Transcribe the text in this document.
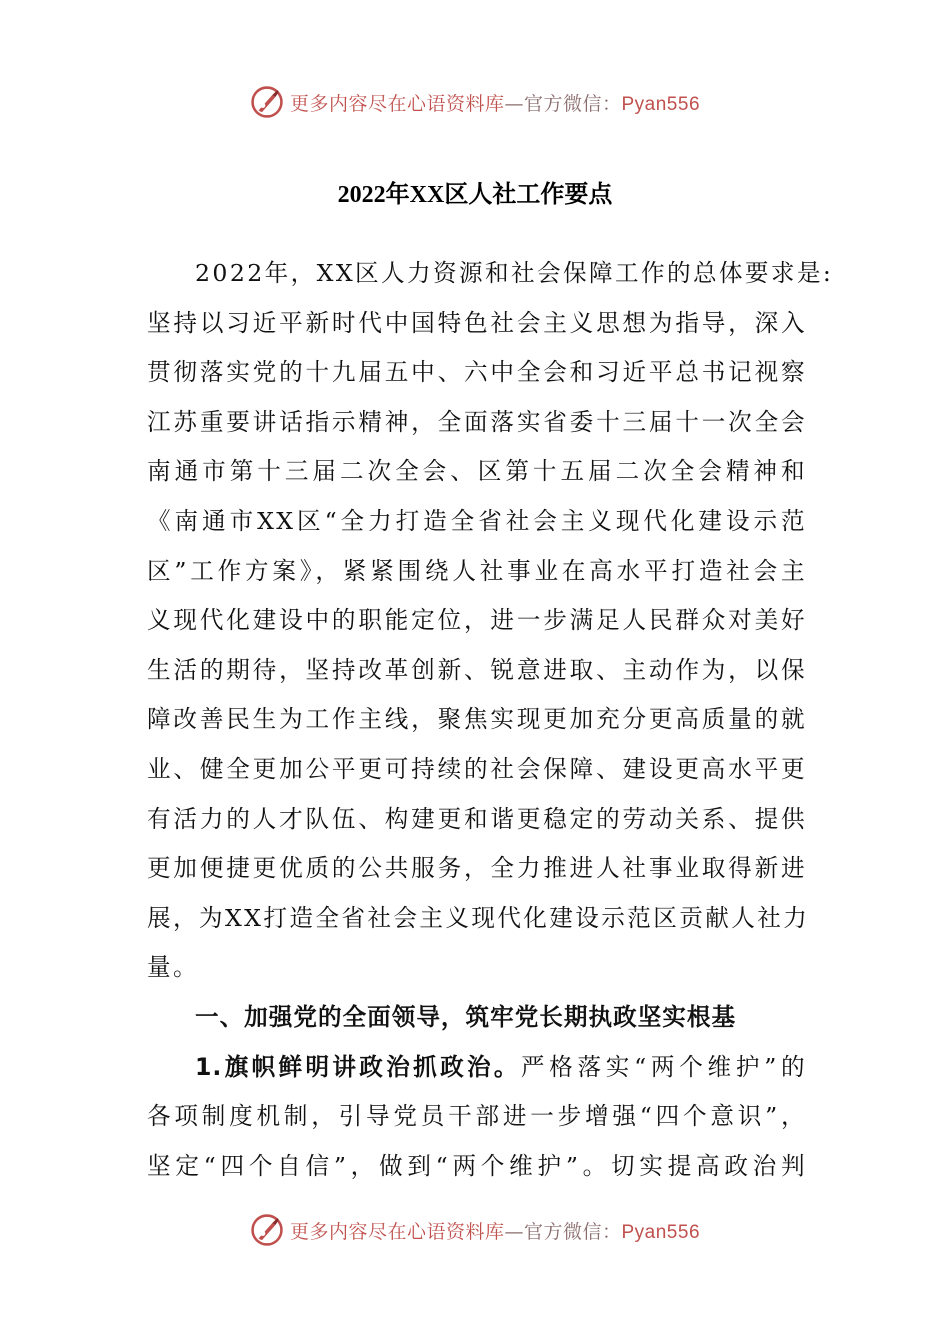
更多内容尽在心语资料库—官方微信：Pyan556
2022年XX区人社工作要点
2022年，XX区人力资源和社会保障工作的总体要求是:
坚持以习近平新时代中国特色社会主义思想为指导，深入
贯彻落实党的十九届五中、六中全会和习近平总书记视察
江苏重要讲话指示精神，全面落实省委十三届十一次全会
南通市第十三届二次全会、区第十五届二次全会精神和
《南通市XX区“全力打造全省社会主义现代化建设示范
区”工作方案》，紧紧围绕人社事业在高水平打造社会主
义现代化建设中的职能定位，进一步满足人民群众对美好
生活的期待，坚持改革创新、锐意进取、主动作为，以保
障改善民生为工作主线，聚焦实现更加充分更高质量的就
业、健全更加公平更可持续的社会保障、建设更高水平更
有活力的人才队伍、构建更和谐更稳定的劳动关系、提供
更加便捷更优质的公共服务，全力推进人社事业取得新进
展，为XX打造全省社会主义现代化建设示范区贡献人社力
量。
一、加强党的全面领导，筑牢党长期执政坚实根基
1.旗帜鲜明讲政治抓政治。严格落实“两个维护”的
各项制度机制，引导党员干部进一步增强“四个意识”，
坚定“四个自信”，做到“两个维护”。切实提高政治判
更多内容尽在心语资料库—官方微信：Pyan556
